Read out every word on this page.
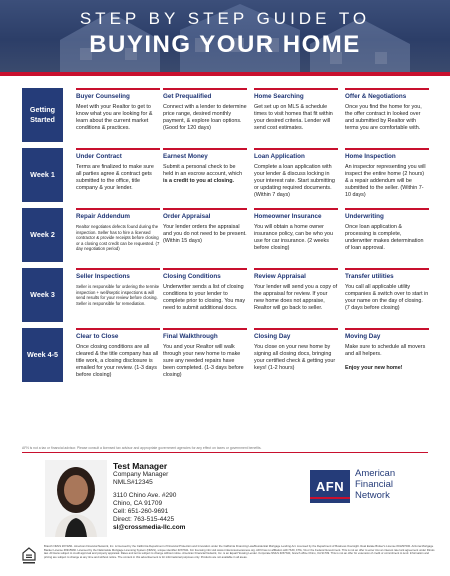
STEP BY STEP GUIDE TO
BUYING YOUR HOME
Getting Started
Buyer Counseling
Meet with your Realtor to get to know what you are looking for & learn about the current market conditions & practices.
Get Prequalified
Connect with a lender to determine price range, desired monthly payment, & explore loan options. (Good for 120 days)
Home Searching
Get set up on MLS & schedule times to visit homes that fit within your desired criteria. Lender will send cost estimates.
Offer & Negotiations
Once you find the home for you, the offer contract in looked over and submitted by Realtor with terms you are comfortable with.
Week 1
Under Contract
Terms are finalized to make sure all parties agree & contract gets submitted to the office, title company & your lender.
Earnest Money
Submit a personal check to be held in an escrow account, which is a credit to you at closing.
Loan Application
Complete a loan application with your lender & discuss locking in your interest rate. Start submitting or updating required documents. (Within 7 days)
Home Inspection
An inspector representing you will inspect the entire home (2 hours) & a repair addendum will be submitted to the seller. (Within 7-10 days)
Week 2
Repair Addendum
Realtor negotiates defects found during the inspection. Seller has to hire a licensed contractor & provide receipts before closing or a closing cost credit can be requested. (7 day negotiation period)
Order Appraisal
Your lender orders the appraisal and you do not need to be present. (Within 15 days)
Homeowner Insurance
You will obtain a home owner insurance policy, can be who you use for car insurance. (2 weeks before closing)
Underwriting
Once loan application & processing is complete, underwriter makes determination of loan approval.
Week 3
Seller Inspections
Seller is responsible for ordering the termite inspection + well/septic inspections & will send results for your review before closing. Seller is responsible for remediation.
Closing Conditions
Underwriter sends a list of closing conditions to your lender to complete prior to closing. You may need to submit additional docs.
Review Appraisal
Your lender will send you a copy of the appraisal for review. If your new home does not appraise, Realtor will go back to seller.
Transfer utilities
You call all applicable utility companies & switch over to start in your name on the day of closing. (7 days before closing)
Week 4-5
Clear to Close
Once closing conditions are all cleared & the title company has all title work, a closing disclosure is emailed for your review. (1-3 days before closing)
Final Walkthrough
You and your Realtor will walk through your new home to make sure any needed repairs have been completed. (1-3 days before closing)
Closing Day
You close on your new home by signing all closing docs, bringing your certified check & getting your keys! (1-2 hours)
Moving Day
Make sure to schedule all movers and all helpers.

Enjoy your new home!
AFN is not a tax or financial advisor. Please consult a licensed tax advisor and appropriate government agencies for any effect on taxes or government benefits.
Test Manager
Company Manager
NMLS#12345
3110 Chino Ave. #290
Chino, CA 91709
Cell: 651-260-9691
Direct: 763-515-4425
sl@crossmedia-llc.com
AFN
American
Financial
Network
Branch NMLS #274291. American Financial Network, Inc. is licensed by the California Department of Financial Protection and Innovation under the California Financing Law/Residential Mortgage Lending Act. Licensed by the Department of Business Oversight. Real Estate Broker's License #01297000. Arizona Mortgage Banker License #0915930. Licensed by the Nationwide Mortgage Licensing System (NMLS), unique identifier #237341. For licensing info visit www.nmlsconsumeraccess.org. AFN has no affiliation with HUD, FHA, VA or the Federal Government. This is not an offer to enter into an interest rate lock agreement under Illinois law. All loans subject to credit approval and property appraisal. Rates and terms subject to change without notice. American Financial Network, Inc. is an Equal Housing Lender. Corporate NMLS #237341; branch office Chino, CA 91709. This is not an offer for extension of credit or commitment to lend. Information and pricing are subject to change at any time and without notice. The content in this advertisement is for informational purposes only. Products are not available in all areas.
